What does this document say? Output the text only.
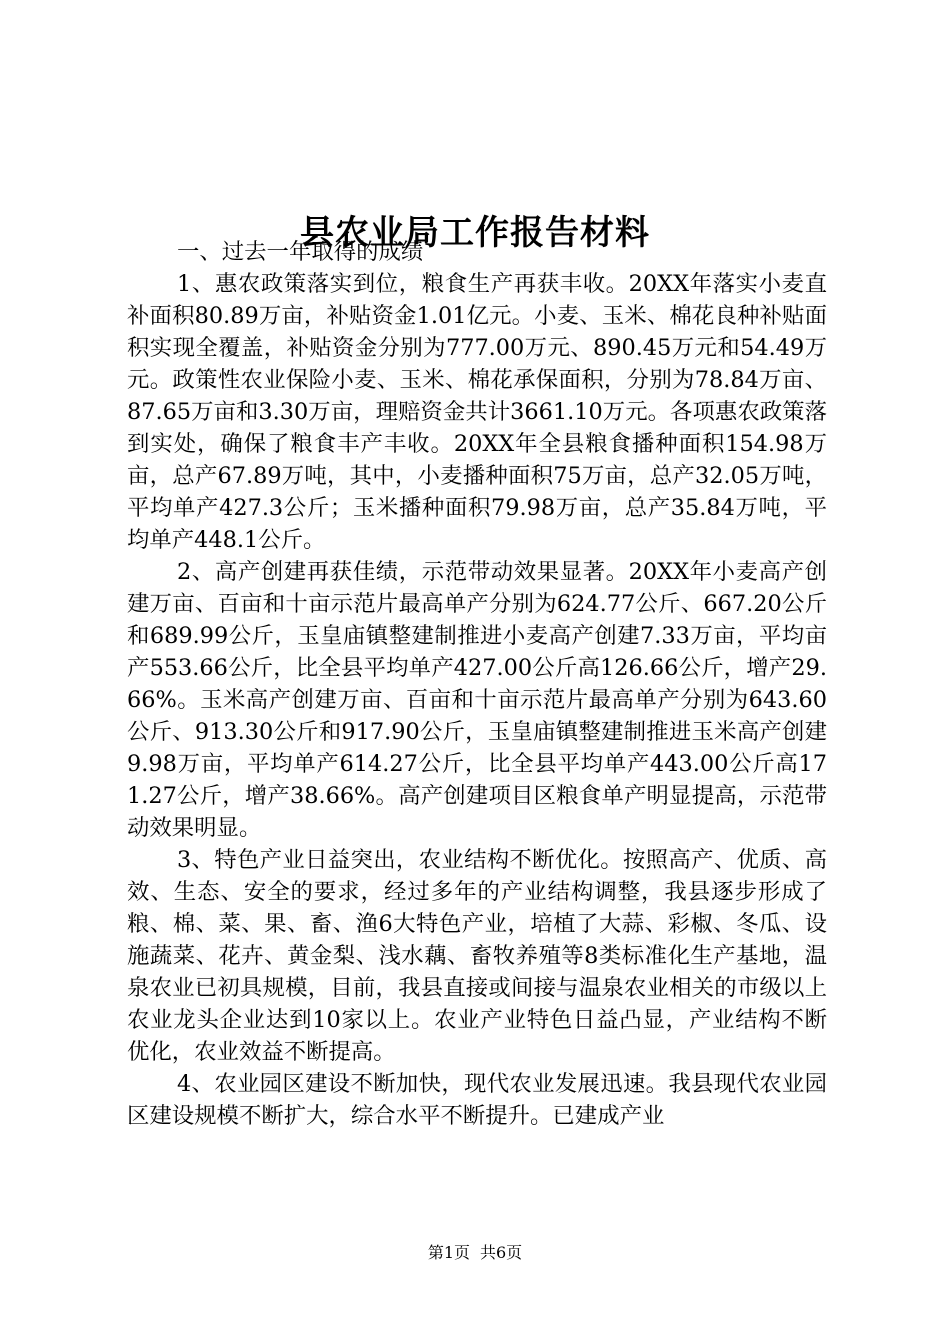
县农业局工作报告材料

一、过去一年取得的成绩

1、惠农政策落实到位，粮食生产再获丰收。20XX年落实小麦直补面积80.89万亩，补贴资金1.01亿元。小麦、玉米、棉花良种补贴面积实现全覆盖，补贴资金分别为777.00万元、890.45万元和54.49万元。政策性农业保险小麦、玉米、棉花承保面积，分别为78.84万亩、87.65万亩和3.30万亩，理赔资金共计3661.10万元。各项惠农政策落到实处，确保了粮食丰产丰收。20XX年全县粮食播种面积154.98万亩，总产67.89万吨，其中，小麦播种面积75万亩，总产32.05万吨，平均单产427.3公斤；玉米播种面积79.98万亩，总产35.84万吨，平均单产448.1公斤。

2、高产创建再获佳绩，示范带动效果显著。20XX年小麦高产创建万亩、百亩和十亩示范片最高单产分别为624.77公斤、667.20公斤和689.99公斤，玉皇庙镇整建制推进小麦高产创建7.33万亩，平均亩产553.66公斤，比全县平均单产427.00公斤高126.66公斤，增产29.66%。玉米高产创建万亩、百亩和十亩示范片最高单产分别为643.60公斤、913.30公斤和917.90公斤，玉皇庙镇整建制推进玉米高产创建9.98万亩，平均单产614.27公斤，比全县平均单产443.00公斤高171.27公斤，增产38.66%。高产创建项目区粮食单产明显提高，示范带动效果明显。

3、特色产业日益突出，农业结构不断优化。按照高产、优质、高效、生态、安全的要求，经过多年的产业结构调整，我县逐步形成了粮、棉、菜、果、畜、渔6大特色产业，培植了大蒜、彩椒、冬瓜、设施蔬菜、花卉、黄金梨、浅水藕、畜牧养殖等8类标准化生产基地，温泉农业已初具规模，目前，我县直接或间接与温泉农业相关的市级以上农业龙头企业达到10家以上。农业产业特色日益凸显，产业结构不断优化，农业效益不断提高。

4、农业园区建设不断加快，现代农业发展迅速。我县现代农业园区建设规模不断扩大，综合水平不断提升。已建成产业

第1页 共6页
